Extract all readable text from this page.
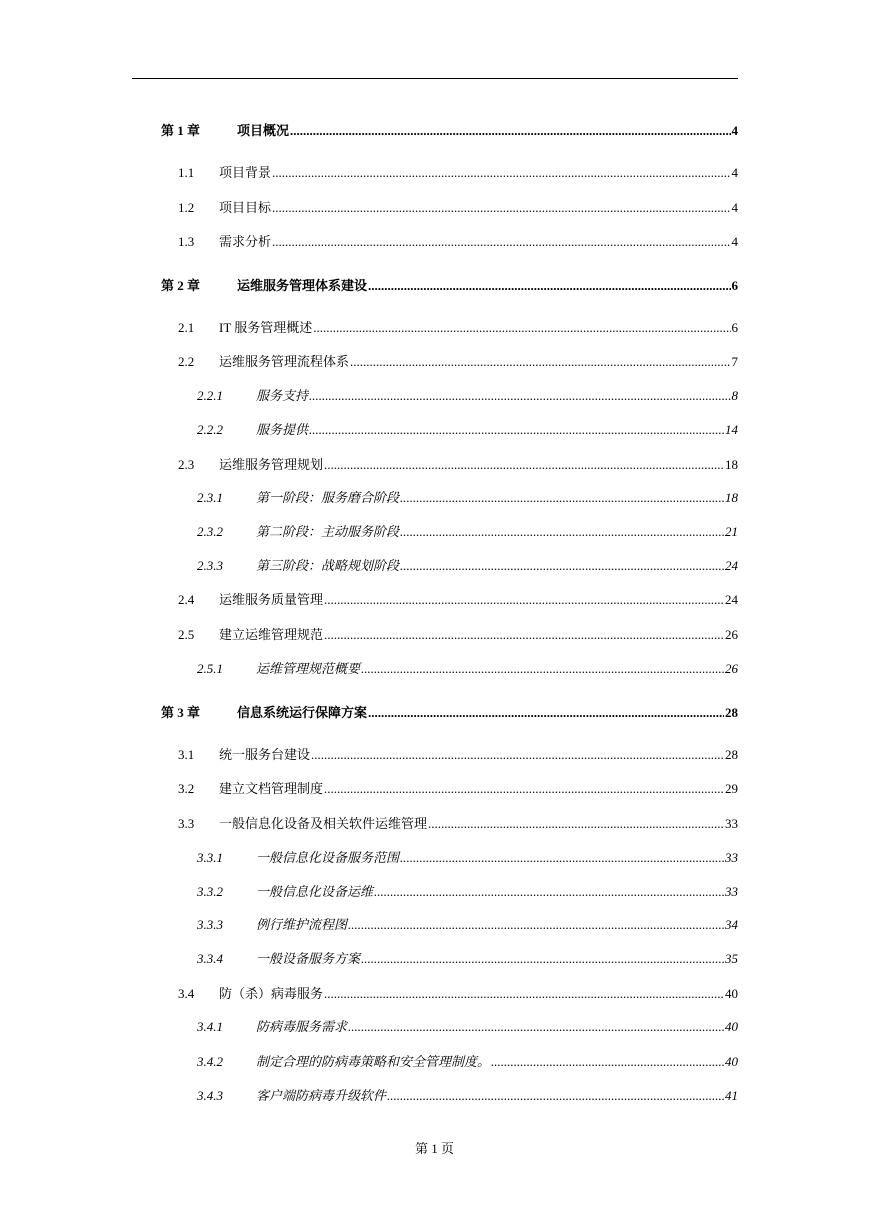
第 1 章	项目概况 .....	4
1.1	项目背景 .....	4
1.2	项目目标 .....	4
1.3	需求分析 .....	4
第 2 章	运维服务管理体系建设 .....	6
2.1	IT 服务管理概述 .....	6
2.2	运维服务管理流程体系 .....	7
2.2.1	服务支持 .....	8
2.2.2	服务提供 .....	14
2.3	运维服务管理规划 .....	18
2.3.1	第一阶段：服务磨合阶段 .....	18
2.3.2	第二阶段：主动服务阶段 .....	21
2.3.3	第三阶段：战略规划阶段 .....	24
2.4	运维服务质量管理 .....	24
2.5	建立运维管理规范 .....	26
2.5.1	运维管理规范概要 .....	26
第 3 章	信息系统运行保障方案 .....	28
3.1	统一服务台建设 .....	28
3.2	建立文档管理制度 .....	29
3.3	一般信息化设备及相关软件运维管理 .....	33
3.3.1	一般信息化设备服务范围 .....	33
3.3.2	一般信息化设备运维 .....	33
3.3.3	例行维护流程图 .....	34
3.3.4	一般设备服务方案 .....	35
3.4	防（杀）病毒服务 .....	40
3.4.1	防病毒服务需求 .....	40
3.4.2	制定合理的防病毒策略和安全管理制度。 .....	40
3.4.3	客户端防病毒升级软件 .....	41
第 1 页
